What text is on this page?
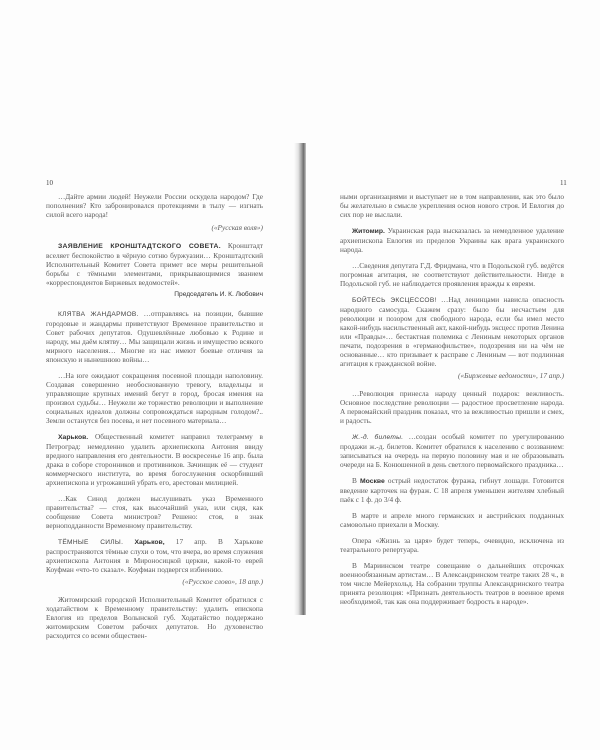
10	11

…Дайте армии людей! Неужели России оскудела народом? Где пополнения? Кто забронировался протекциями в тылу — изгнать силой всего народа!

(«Русская воля»)

ЗАЯВЛЕНИЕ КРОНШТАДТСКОГО СОВЕТА. Кронштадт вселяет беспокойство в чёрную сотню буржуазии… Кронштадтский Исполнительный Комитет Совета примет все меры решительной борьбы с тёмными элементами, прикрывающимися званием «корреспондентов Биржевых ведомостей».

Председатель И. К. Любович

КЛЯТВА ЖАНДАРМОВ. …отправляясь на позиции, бывшие городовые и жандармы приветствуют Временное правительство и Совет рабочих депутатов. Одушевлённые любовью к Родине и народу, мы даём клятву… Мы защищали жизнь и имущество всякого мирного населения… Многие из нас имеют боевые отличия за японскую и нынешнюю войны…

…На юге ожидают сокращения посевной площади наполовину. Создавая совершенно необоснованную тревогу, владельцы и управляющие крупных имений бегут в город, бросая имения на произвол судьбы… Неужели же торжество революции и выполнение социальных идеалов должны сопровождаться народным голодом?.. Земли останутся без посева, и нет посевного материала…

Харьков. Общественный комитет направил телеграмму в Петроград: немедленно удалить архиепископа Антония ввиду вредного направления его деятельности. В воскресенье 16 апр. была драка в соборе сторонников и противников. Зачинщик её — студент коммерческого института, во время богослужения оскорбивший архиепископа и угрожавший убрать его, арестован милицией.

…Как Синод должен выслушивать указ Временного правительства? — стоя, как высочайший указ, или сидя, как сообщение Совета министров? Решено: стоя, в знак верноподданности Временному правительству.

ТЁМНЫЕ СИЛЫ. Харьков, 17 апр. В Харькове распространяются тёмные слухи о том, что вчера, во время служения архиепископа Антония в Мироносицкой церкви, какой-то еврей Коуфман «что-то сказал». Коуфман подвергся избиению.

(«Русское слово», 18 апр.)

Житомирский городской Исполнительный Комитет обратился с ходатайством к Временному правительству: удалить епископа Евлогия из пределов Волынской губ. Ходатайство поддержано житомирским Советом рабочих депутатов. Но духовенство расходится со всеми обществен-

ными организациями и выступает не в том направлении, как это было бы желательно в смысле укрепления основ нового строя. И Евлогия до сих пор не выслали.

Житомир. Украинская рада высказалась за немедленное удаление архиепископа Евлогия из пределов Украины как врага украинского народа.

…Сведения депутата Г.Д. Фридмана, что в Подольской губ. ведётся погромная агитация, не соответствуют действительности. Нигде в Подольской губ. не наблюдается проявления вражды к евреям.

БОЙТЕСЬ ЭКСЦЕССОВ! …Над ленинцами нависла опасность народного самосуда. Скажем сразу: было бы несчастьем для революции и позором для свободного народа, если бы имел место какой-нибудь насильственный акт, какой-нибудь эксцесс против Ленина или «Правды»… бестактная полемика с Лениным некоторых органов печати, подозрения в «германофильстве», подозрения ни на чём не основанные… кто призывает к расправе с Лениным — вот подлинная агитация к гражданской войне.

(«Биржевые ведомости», 17 апр.)

…Революция принесла народу ценный подарок: вежливость. Основное последствие революции — радостное просветление народа. А первомайский праздник показал, что за вежливостью пришли и смех, и радость.

Ж.-д. билеты. …создан особый комитет по урегулированию продажи ж.-д. билетов. Комитет обратился к населению с воззванием: записываться на очередь на первую половину мая и не образовывать очереди на Б. Конюшенной в день светлого первомайского праздника…

В Москве острый недостаток фуража, гибнут лошади. Готовится введение карточек на фураж. С 18 апреля уменьшен жителям хлебный паёк с 1 ф. до 3/4 ф.

В марте и апреле много германских и австрийских подданных самовольно приехали в Москву.

Опера «Жизнь за царя» будет теперь, очевидно, исключена из театрального репертуара.

В Мариинском театре совещание о дальнейших отсрочках военнообязанным артистам… В Александринском театре таких 28 ч., в том числе Мейерхольд. На собрании труппы Александринского театра принята резолюция: «Признать деятельность театров в военное время необходимой, так как она поддерживает бодрость в народе».
